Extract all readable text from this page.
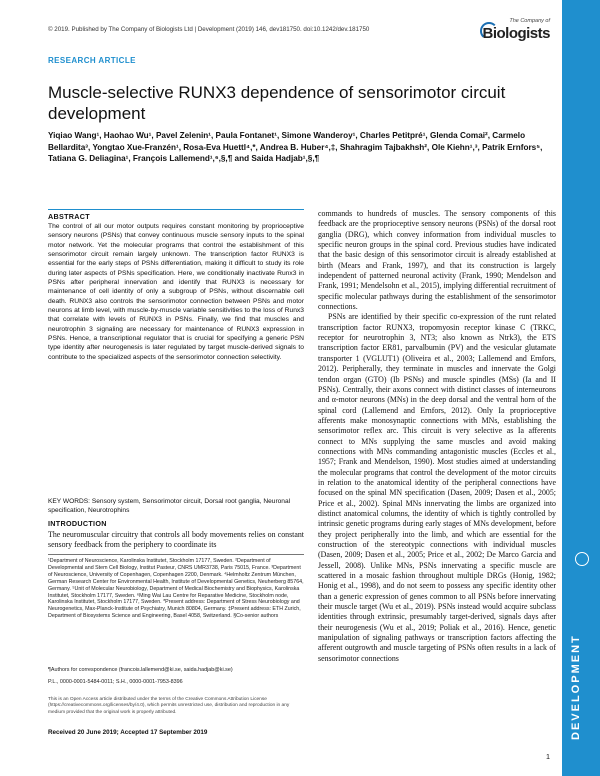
© 2019. Published by The Company of Biologists Ltd | Development (2019) 146, dev181750. doi:10.1242/dev.181750
The Company of
Biologists
DEVELOPMENT
RESEARCH ARTICLE
Muscle-selective RUNX3 dependence of sensorimotor circuit development
Yiqiao Wang¹, Haohao Wu¹, Pavel Zelenin¹, Paula Fontanet¹, Simone Wanderoy¹, Charles Petitpré¹, Glenda Comai², Carmelo Bellardita³, Yongtao Xue-Franzén¹, Rosa-Eva Huettl⁴,*, Andrea B. Huber⁴,‡, Shahragim Tajbakhsh², Ole Kiehn¹,³, Patrik Ernfors⁵, Tatiana G. Deliagina¹, François Lallemend¹,⁶,§,¶ and Saida Hadjab¹,§,¶
ABSTRACT
The control of all our motor outputs requires constant monitoring by proprioceptive sensory neurons (PSNs) that convey continuous muscle sensory inputs to the spinal motor network. Yet the molecular programs that control the establishment of this sensorimotor circuit remain largely unknown. The transcription factor RUNX3 is essential for the early steps of PSNs differentiation, making it difficult to study its role during later aspects of PSNs specification. Here, we conditionally inactivate Runx3 in PSNs after peripheral innervation and identify that RUNX3 is necessary for maintenance of cell identity of only a subgroup of PSNs, without discernable cell death. RUNX3 also controls the sensorimotor connection between PSNs and motor neurons at limb level, with muscle-by-muscle variable sensitivities to the loss of Runx3 that correlate with levels of RUNX3 in PSNs. Finally, we find that muscles and neurotrophin 3 signaling are necessary for maintenance of RUNX3 expression in PSNs. Hence, a transcriptional regulator that is crucial for specifying a generic PSN type identity after neurogenesis is later regulated by target muscle-derived signals to contribute to the specialized aspects of the sensorimotor connection selectivity.
KEY WORDS: Sensory system, Sensorimotor circuit, Dorsal root ganglia, Neuronal specification, Neurotrophins
INTRODUCTION
The neuromuscular circuitry that controls all body movements relies on constant sensory feedback from the periphery to coordinate its
¹Department of Neuroscience, Karolinska Institutet, Stockholm 17177, Sweden. ²Department of Developmental and Stem Cell Biology, Institut Pasteur, CNRS UMR3738, Paris 75015, France. ³Department of Neuroscience, University of Copenhagen, Copenhagen 2200, Denmark. ⁴Helmholtz Zentrum München, German Research Center for Environmental Health, Institute of Developmental Genetics, Neuherberg 85764, Germany. ⁵Unit of Molecular Neurobiology, Department of Medical Biochemistry and Biophysics, Karolinska Institutet, Stockholm 17177, Sweden. ⁶Ming Wai Lau Centre for Reparative Medicine, Stockholm node, Karolinska Institutet, Stockholm 17177, Sweden. *Present address: Department of Stress Neurobiology and Neurogenetics, Max-Planck-Institute of Psychiatry, Munich 80804, Germany. ‡Present address: ETH Zurich, Department of Biosystems Science and Engineering, Basel 4058, Switzerland. §Co-senior authors
¶Authors for correspondence (francois.lallemend@ki.se, saida.hadjab@ki.se)
P.L., 0000-0001-5484-0011; S.H., 0000-0001-7953-8396
This is an Open Access article distributed under the terms of the Creative Commons Attribution License (https://creativecommons.org/licenses/by/4.0), which permits unrestricted use, distribution and reproduction in any medium provided that the original work is properly attributed.
Received 20 June 2019; Accepted 17 September 2019

commands to hundreds of muscles. The sensory components of this feedback are the proprioceptive sensory neurons (PSNs) of the dorsal root ganglia (DRG), which convey information from individual muscles to specific neuron groups in the spinal cord. Previous studies have indicated that the basic design of this sensorimotor circuit is already established at birth (Mears and Frank, 1997), and that its construction is largely independent of patterned neuronal activity (Frank, 1990; Mendelson and Frank, 1991; Mendelsohn et al., 2015), implying differential recruitment of specific molecular pathways during the establishment of the sensorimotor connections.

PSNs are identified by their specific co-expression of the runt related transcription factor RUNX3, tropomyosin receptor kinase C (TRKC, receptor for neurotrophin 3, NT3; also known as Ntrk3), the ETS transcription factor ER81, parvalbumin (PV) and the vesicular glutamate transporter 1 (VGLUT1) (Oliveira et al., 2003; Lallemend and Ernfors, 2012). Peripherally, they terminate in muscles and innervate the Golgi tendon organ (GTO) (Ib PSNs) and muscle spindles (MSs) (Ia and II PSNs). Centrally, their axons connect with distinct classes of interneurons and α-motor neurons (MNs) in the deep dorsal and the ventral horn of the spinal cord (Lallemend and Ernfors, 2012). Only Ia proprioceptive afferents make monosynaptic connections with MNs, establishing the sensorimotor reflex arc. This circuit is very selective as Ia afferents connect to MNs supplying the same muscles and avoid making connections with MNs commanding antagonistic muscles (Eccles et al., 1957; Frank and Mendelson, 1990). Most studies aimed at understanding the molecular programs that control the development of the motor circuits in relation to the anatomical identity of the peripheral connections have focused on the spinal MN specification (Dasen, 2009; Dasen et al., 2005; Price et al., 2002). Spinal MNs innervating the limbs are organized into distinct anatomical columns, the identity of which is tightly controlled by intrinsic genetic programs during early stages of MNs development, before they project peripherally into the limb, and which are essential for the construction of the stereotypic connections with individual muscles (Dasen, 2009; Dasen et al., 2005; Price et al., 2002; De Marco Garcia and Jessell, 2008). Unlike MNs, PSNs innervating a specific muscle are scattered in a mosaic fashion throughout multiple DRGs (Honig, 1982; Honig et al., 1998), and do not seem to possess any specific identity other than a generic expression of genes common to all PSNs before innervating their muscle target (Wu et al., 2019). PSNs instead would acquire subclass identities through extrinsic, presumably target-derived, signals days after their neurogenesis (Wu et al., 2019; Poliak et al., 2016). Hence, genetic manipulation of signaling pathways or transcription factors affecting the afferent outgrowth and muscle targeting of PSNs often results in a lack of sensorimotor connections

1
